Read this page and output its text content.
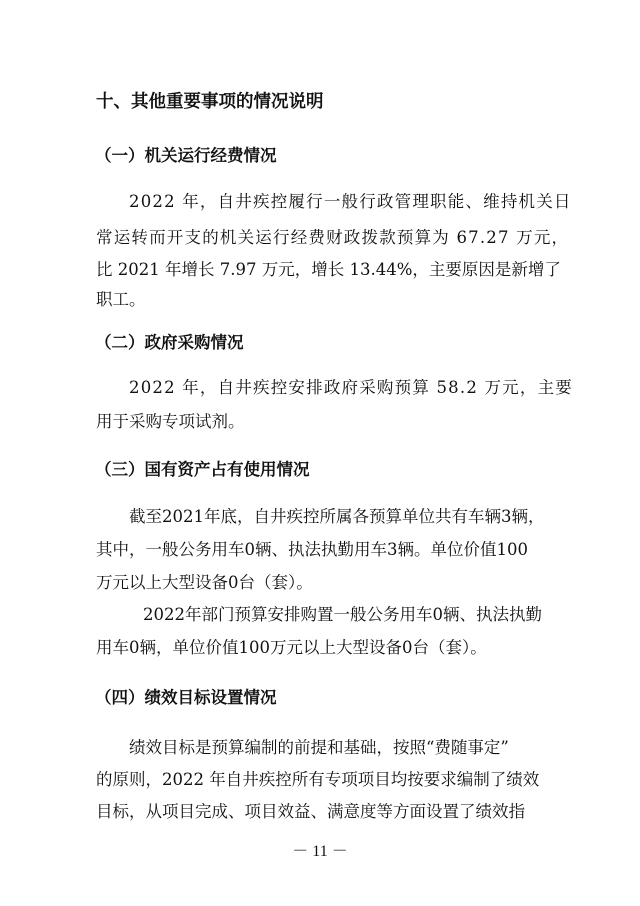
十、其他重要事项的情况说明
（一）机关运行经费情况
2022 年，自井疾控履行一般行政管理职能、维持机关日
常运转而开支的机关运行经费财政拨款预算为 67.27 万元，
比 2021 年增长 7.97 万元，增长 13.44%，主要原因是新增了
职工。
（二）政府采购情况
2022 年，自井疾控安排政府采购预算 58.2 万元，主要
用于采购专项试剂。
（三）国有资产占有使用情况
截至2021年底，自井疾控所属各预算单位共有车辆3辆，
其中，一般公务用车0辆、执法执勤用车3辆。单位价值100
万元以上大型设备0台（套）。
2022年部门预算安排购置一般公务用车0辆、执法执勤
用车0辆，单位价值100万元以上大型设备0台（套）。
（四）绩效目标设置情况
绩效目标是预算编制的前提和基础，按照“费随事定”
的原则，2022 年自井疾控所有专项项目均按要求编制了绩效
目标，从项目完成、项目效益、满意度等方面设置了绩效指
－ 11 －
